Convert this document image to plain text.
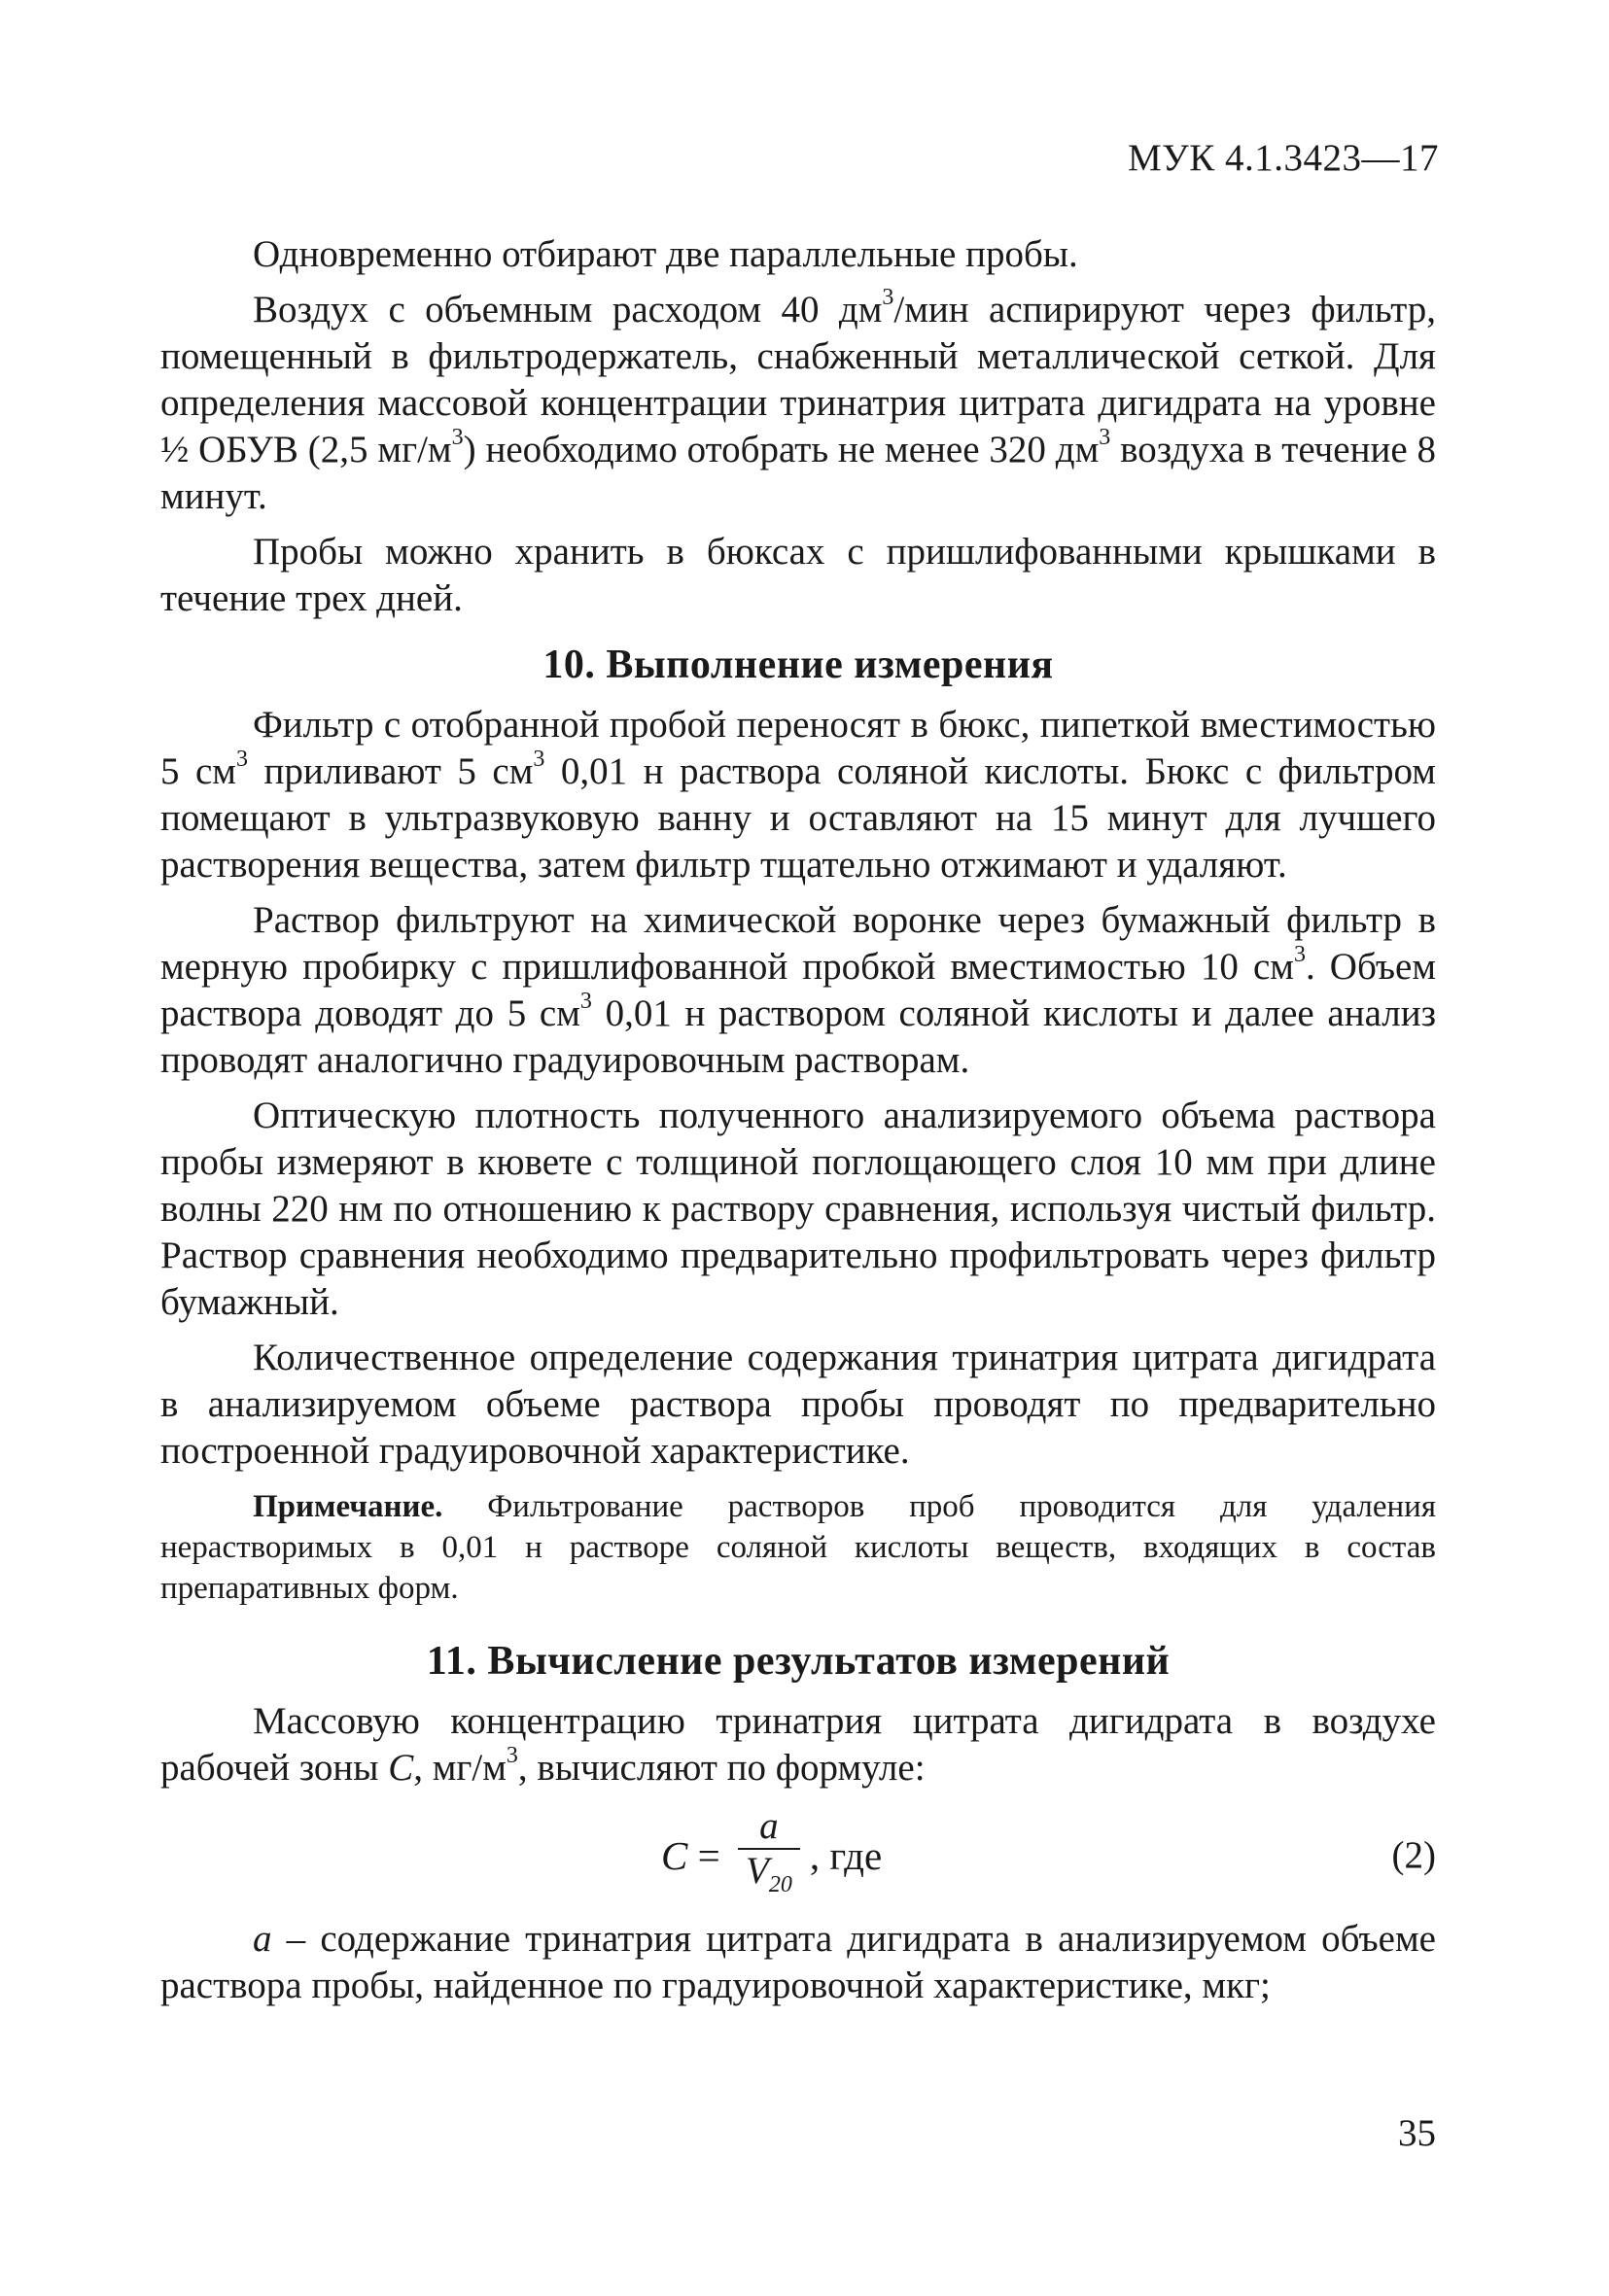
МУК 4.1.3423—17

Одновременно отбирают две параллельные пробы.

Воздух с объемным расходом 40 $дм^3$/мин аспирируют через фильтр, помещенный в фильтродержатель, снабженный металлической сеткой. Для определения массовой концентрации тринатрия цитрата дигидрата на уровне ½ ОБУВ (2,5 $мг/м^3$) необходимо отобрать не менее 320 $дм^3$ воздуха в течение 8 минут.

Пробы можно хранить в бюксах с пришлифованными крышками в течение трех дней.

10. Выполнение измерения

Фильтр с отобранной пробой переносят в бюкс, пипеткой вместимостью 5 $см^3$ приливают 5 $см^3$ 0,01 н раствора соляной кислоты. Бюкс с фильтром помещают в ультразвуковую ванну и оставляют на 15 минут для лучшего растворения вещества, затем фильтр тщательно отжимают и удаляют.

Раствор фильтруют на химической воронке через бумажный фильтр в мерную пробирку с пришлифованной пробкой вместимостью 10 $см^3$. Объем раствора доводят до 5 $см^3$ 0,01 н раствором соляной кислоты и далее анализ проводят аналогично градуировочным растворам.

Оптическую плотность полученного анализируемого объема раствора пробы измеряют в кювете с толщиной поглощающего слоя 10 мм при длине волны 220 нм по отношению к раствору сравнения, используя чистый фильтр. Раствор сравнения необходимо предварительно профильтровать через фильтр бумажный.

Количественное определение содержания тринатрия цитрата дигидрата в анализируемом объеме раствора пробы проводят по предварительно построенной градуировочной характеристике.

Примечание. Фильтрование растворов проб проводится для удаления нерастворимых в 0,01 н растворе соляной кислоты веществ, входящих в состав препаративных форм.
11. Вычисление результатов измерений

Массовую концентрацию тринатрия цитрата дигидрата в воздухе рабочей зоны С, $мг/м^3$, вычисляют по формуле:

$С = \frac{a}{V_{20}}$ , где	(2)

a – содержание тринатрия цитрата дигидрата в анализируемом объеме раствора пробы, найденное по градуировочной характеристике, мкг;

35
